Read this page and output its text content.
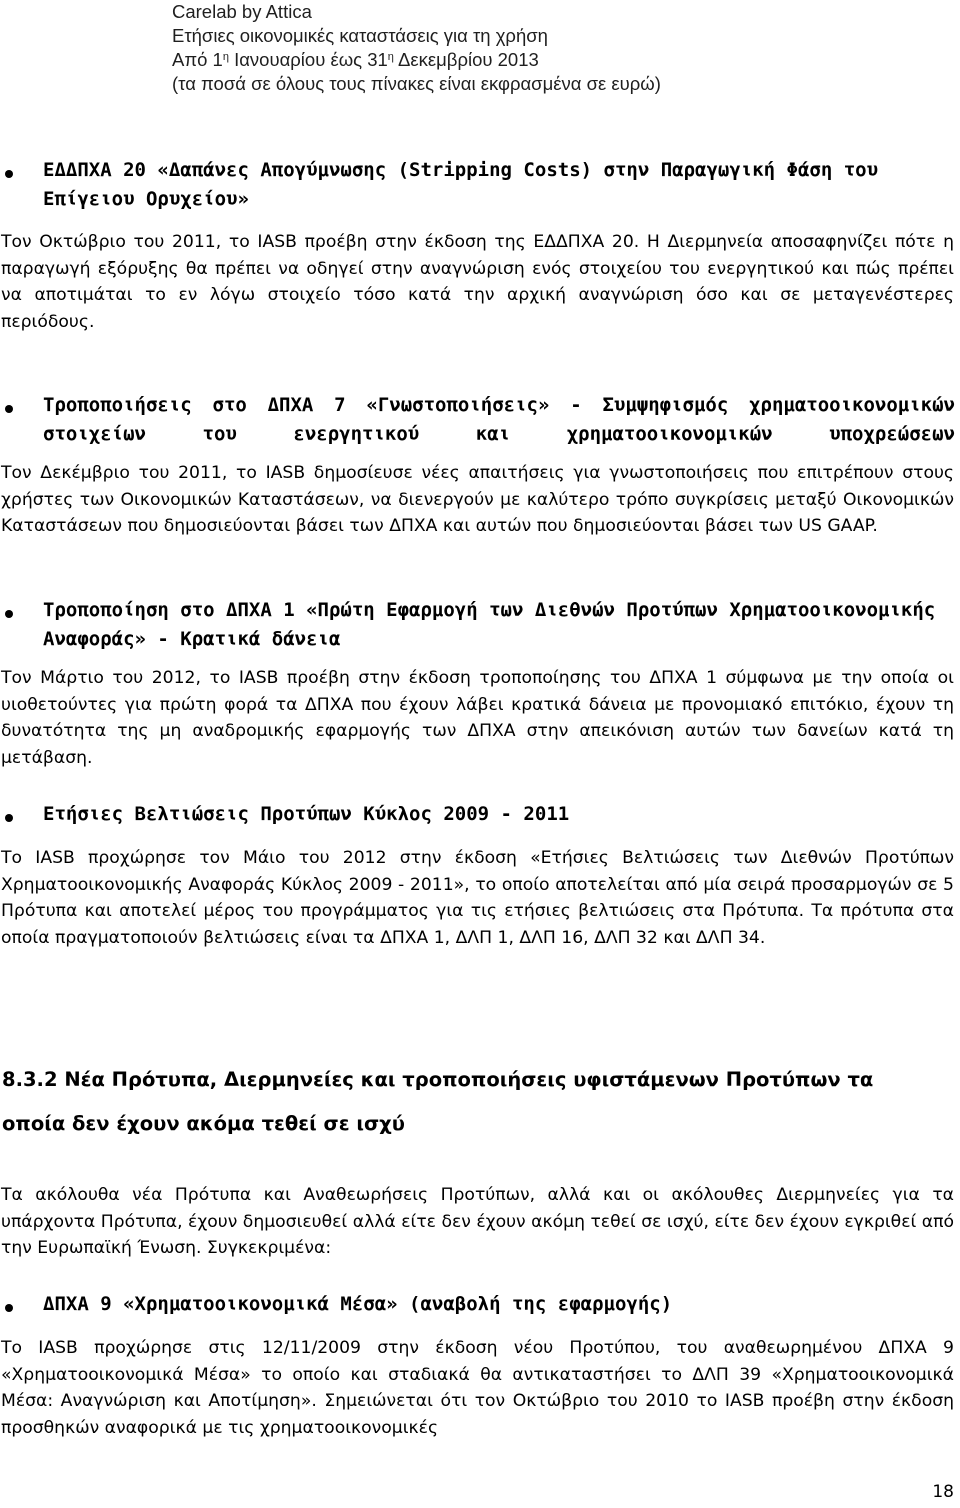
Carelab by Attica
Ετήσιες οικονομικές καταστάσεις για τη χρήση
Από $1^\eta$ Ιανουαρίου έως $31^\eta$ Δεκεμβρίου 2013
(τα ποσά σε όλους τους πίνακες είναι εκφρασμένα σε ευρώ)
ΕΔΔΠΧΑ 20 «Δαπάνες Απογύμνωσης (Stripping Costs) στην Παραγωγική Φάση του Επίγειου Ορυχείου»
Τον Οκτώβριο του 2011, το IASB προέβη στην έκδοση της ΕΔΔΠΧΑ 20. Η Διερμηνεία αποσαφηνίζει πότε η παραγωγή εξόρυξης θα πρέπει να οδηγεί στην αναγνώριση ενός στοιχείου του ενεργητικού και πώς πρέπει να αποτιμάται το εν λόγω στοιχείο τόσο κατά την αρχική αναγνώριση όσο και σε μεταγενέστερες περιόδους.
Τροποποιήσεις στο ΔΠΧΑ 7 «Γνωστοποιήσεις» - Συμψηφισμός χρηματοοικονομικών στοιχείων του ενεργητικού και χρηματοοικονομικών υποχρεώσεων
Τον Δεκέμβριο του 2011, το IASB δημοσίευσε νέες απαιτήσεις για γνωστοποιήσεις που επιτρέπουν στους χρήστες των Οικονομικών Καταστάσεων, να διενεργούν με καλύτερο τρόπο συγκρίσεις μεταξύ Οικονομικών Καταστάσεων που δημοσιεύονται βάσει των ΔΠΧΑ και αυτών που δημοσιεύονται βάσει των US GAAP.
Τροποποίηση στο ΔΠΧΑ 1 «Πρώτη Εφαρμογή των Διεθνών Προτύπων Χρηματοοικονομικής Αναφοράς» - Κρατικά δάνεια
Τον Μάρτιο του 2012, το IASB προέβη στην έκδοση τροποποίησης του ΔΠΧΑ 1 σύμφωνα με την οποία οι υιοθετούντες για πρώτη φορά τα ΔΠΧΑ που έχουν λάβει κρατικά δάνεια με προνομιακό επιτόκιο, έχουν τη δυνατότητα της μη αναδρομικής εφαρμογής των ΔΠΧΑ στην απεικόνιση αυτών των δανείων κατά τη μετάβαση.
Ετήσιες Βελτιώσεις Προτύπων Κύκλος 2009 - 2011
Το IASB προχώρησε τον Μάιο του 2012 στην έκδοση «Ετήσιες Βελτιώσεις των Διεθνών Προτύπων Χρηματοοικονομικής Αναφοράς Κύκλος 2009 - 2011», το οποίο αποτελείται από μία σειρά προσαρμογών σε 5 Πρότυπα και αποτελεί μέρος του προγράμματος για τις ετήσιες βελτιώσεις στα Πρότυπα. Τα πρότυπα στα οποία πραγματοποιούν βελτιώσεις είναι τα ΔΠΧΑ 1, ΔΛΠ 1, ΔΛΠ 16, ΔΛΠ 32 και ΔΛΠ 34.
8.3.2 Νέα Πρότυπα, Διερμηνείες και τροποποιήσεις υφιστάμενων Προτύπων τα
οποία δεν έχουν ακόμα τεθεί σε ισχύ
Τα ακόλουθα νέα Πρότυπα και Αναθεωρήσεις Προτύπων, αλλά και οι ακόλουθες Διερμηνείες για τα υπάρχοντα Πρότυπα, έχουν δημοσιευθεί αλλά είτε δεν έχουν ακόμη τεθεί σε ισχύ, είτε δεν έχουν εγκριθεί από την Ευρωπαϊκή Ένωση. Συγκεκριμένα:
ΔΠΧΑ 9 «Χρηματοοικονομικά Μέσα» (αναβολή της εφαρμογής)
Το IASB προχώρησε στις 12/11/2009 στην έκδοση νέου Προτύπου, του αναθεωρημένου ΔΠΧΑ 9 «Χρηματοοικονομικά Μέσα» το οποίο και σταδιακά θα αντικαταστήσει το ΔΛΠ 39 «Χρηματοοικονομικά Μέσα: Αναγνώριση και Αποτίμηση». Σημειώνεται ότι τον Οκτώβριο του 2010 το IASB προέβη στην έκδοση προσθηκών αναφορικά με τις χρηματοοικονομικές
18
